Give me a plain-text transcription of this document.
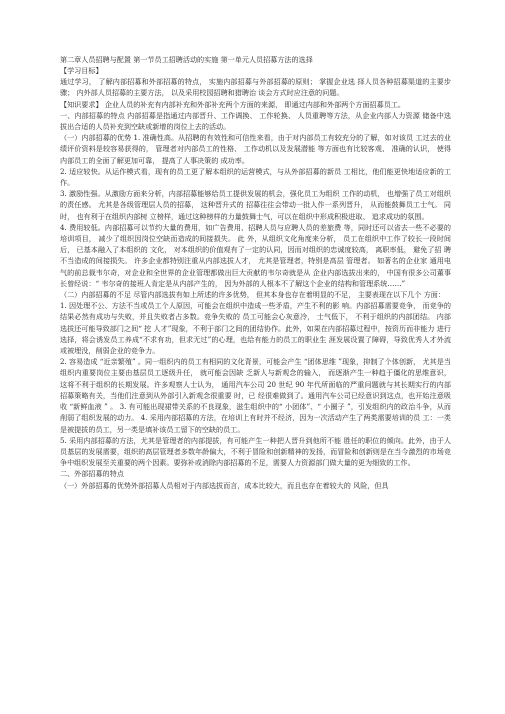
第二章人员招聘与配置 第一节员工招聘活动的实施 第一单元人员招募方法的选择

【学习目标】

通过学习， 了解内部招募和外部招募的特点， 实施内部招募与外部招募的原则； 掌握企业选 择人员各种招募渠道的主要步骤； 内外部人员招募的主要方法， 以及采用校园招聘和猎聘治 谈会方式时应注意的问题。

【知识要求】 企业人员的补充有内部补充和外部补充两个方面的来源， 即通过内部和外部两个方面招募员工。

一、内部招募的特点 内部招募是指通过内部晋升、工作调换、 工作轮换、 人员重聘等方法，从企业内部人力资源 储备中选拔出合适的人员补充到空缺或新增的岗位上去的活动。

（一）内部招募的优势 1. 准确性高。从招聘的有效性和可信性来看，由于对内部员工有较充分的了解，如对该员 工过去的业绩评价资料是较容易获得的， 管理者对内部员工的性格、 工作动机以及发展潜能 等方面也有比较客观、 准确的认识， 使得内部员工的全面了解更加可靠， 提高了人事决策的 成功率。

2. 适应较快。从运作模式看，现有的员工更了解本组织的运营模式，与从外部招募的新员 工相比，他们能更快地适应新的工作。

3. 激励性强。从激励方面来分析，内部招募能够给员工提供发展的机会，强化员工为组织 工作的动机， 也增强了员工对组织的责任感。 尤其是各级管理层人员的招募， 这种晋升式的 招募往往会带动一批人作一系列晋升， 从而能鼓舞员工士气。 同时， 也有利于在组织内部树 立榜样，通过这种榜样的力量鼓舞士气，可以在组织中形成积极进取、 追求成功的氛围。

4. 费用较低。内部招募可以节约大量的费用，如广告费用、招聘人员与应聘人员的差旅费 等，同时还可以省去一些不必要的培训项目， 减少了组织因岗位空缺而造成的间接损失。 此 外，从组织文化角度来分析， 员工在组织中工作了较长一段时间后， 已基本融入了本组织的 文化， 对本组织的价值观有了一定的认同，因而对组织的忠诚度较高， 离职率低， 避免了招 聘不当造成的间接损失。 许多企业都特别注重从内部选拔人才， 尤其是管理者，特别是高层 管理者。 如著名的企业家 通用电气的前总裁韦尔奇，对企业和全世界的企业管理都做出巨大贡献的韦尔奇就是从 企业内部选拔出来的， 中国有很多公司董事长曾经说：“ 韦尔奇的接班人肯定是从内部产生的， 因为外部的人根本不了解这个企业的结构和管理系统……”

（二）内部招募的不足 尽管内部选拔有如上所述的许多优势， 但其本身也存在着明显的不足， 主要表现在以下几个 方面：

1. 因处理不公、方法不当或员工个人原因，可能会在组织中造成一些矛盾，产生不利的影 响。内部招募需要竞争， 而竞争的结果必然有成功与失败，并且失败者占多数。竞争失败的 员工可能会心灰意冷， 士气低下， 不利于组织的内部团结。 内部选拔还可能导致部门之间“ 挖 人才”现象，不利于部门之间的团结协作。此外，如果在内部招募过程中，按资历而非能力 进行选择，将会诱发员工养成“不求有功，但求无过”的心理，也给有能力的员工的职业生 涯发展设置了障碍，导致优秀人才外流或被埋没，削弱企业的竞争力。

2. 容易造成 “近亲繁殖” 。同一组织内的员工有相同的文化背景，可能会产生 “团体思维 ”现象，抑制了个体创新， 尤其是当组织内重要岗位主要由基层员工逐级升任， 就可能会因缺 乏新人与新观念的输入， 而逐渐产生一种趋于僵化的思维意识， 这将不利于组织的长期发展。许多观察人士认为， 通用汽车公司 20 世纪 90 年代所面临的严重问题就与其长期实行的内部 招募策略有关，当他们注意到从外部引入新观念很重要 时，已 经很难做到了。通用汽车公司已经意识到这点，也开始注意吸收 “新鲜血液 ” 。 3. 有可能出现裙带关系的不良现象，滋生组织中的“ 小团体”、“ 小圈子 ”，引发组织内的政治斗争，从而削弱了组织发展的动力。 4. 采用内部招募的方法，在培训上有时并不经济，因为一次活动产生了两类需要培训的员 工：一类是被提拔的员工，另一类是填补该员工留下的空缺的员工。

5. 采用内部招募的方法，尤其是管理者的内部提拔，有可能产生一种把人晋升到他所不能 胜任的职位的倾向。此外，由于人员基层的发展需要，组织的高层管理者多数年龄偏大，不利于冒险和创新精神的发扬，而冒险和创新则是在当今激烈的市场竞争中组织发展至关重要的两个因素。要弥补或消除内部招募的不足，需要人力资源部门做大量的更为细致的工作。

二、外部招募的特点

（一）外部招募的优势外部招募人员相对于内部选拔而言，成本比较大，而且也存在着较大的 风险，但具
